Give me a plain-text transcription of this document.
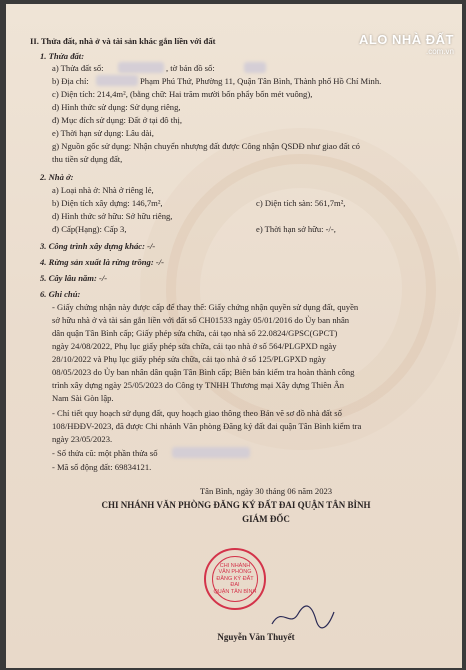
ALO NHÀ ĐẤT
.com.vn
II. Thửa đất, nhà ở và tài sản khác gắn liền với đất
1. Thửa đất:
a) Thửa đất số:	, tờ bản đồ số:
b) Địa chỉ:	Phạm Phú Thứ, Phường 11, Quận Tân Bình, Thành phố Hồ Chí Minh.
c) Diện tích: 214,4m², (bằng chữ: Hai trăm mười bốn phẩy bốn mét vuông),
d) Hình thức sử dụng: Sử dụng riêng,
đ) Mục đích sử dụng: Đất ở tại đô thị,
e) Thời hạn sử dụng: Lâu dài,
g) Nguồn gốc sử dụng: Nhận chuyển nhượng đất được Công nhận QSDĐ như giao đất có
thu tiền sử dụng đất,
2. Nhà ở:
a) Loại nhà ở: Nhà ở riêng lẻ,
b) Diện tích xây dựng: 146,7m²,	c) Diện tích sàn: 561,7m²,
d) Hình thức sở hữu: Sở hữu riêng,
đ) Cấp(Hạng): Cấp 3,	e) Thời hạn sở hữu: -/-,
3. Công trình xây dựng khác: -/-
4. Rừng sản xuất là rừng trồng: -/-
5. Cây lâu năm: -/-
6. Ghi chú:
- Giấy chứng nhận này được cấp để thay thế: Giấy chứng nhận quyền sử dụng đất, quyền
sở hữu nhà ở và tài sản gắn liền với đất số CH01533 ngày 05/01/2016 do Ủy ban nhân
dân quận Tân Bình cấp; Giấy phép sửa chữa, cải tạo nhà số 22.0824/GPSC(GPCT)
ngày 24/08/2022, Phụ lục giấy phép sửa chữa, cải tạo nhà ở số 564/PLGPXD ngày
28/10/2022 và Phụ lục giấy phép sửa chữa, cải tạo nhà ở số 125/PLGPXD ngày
08/05/2023 do Ủy ban nhân dân quận Tân Bình cấp; Biên bản kiểm tra hoàn thành công
trình xây dựng ngày 25/05/2023 do Công ty TNHH Thương mại Xây dựng Thiên Ân
Nam Sài Gòn lập.
- Chỉ tiết quy hoạch sử dụng đất, quy hoạch giao thông theo Bản vẽ sơ đồ nhà đất số
108/HĐĐV-2023, đã được Chi nhánh Văn phòng Đăng ký đất đai quận Tân Bình kiểm tra
ngày 23/05/2023.
- Số thửa cũ: một phần thửa số
- Mã số động đất: 69834121.
Tân Bình, ngày 30 tháng 06 năm 2023
CHI NHÁNH VĂN PHÒNG ĐĂNG KÝ ĐẤT ĐAI QUẬN TÂN BÌNH
GIÁM ĐỐC
CHI NHÁNH
VĂN PHÒNG
ĐĂNG KÝ ĐẤT ĐAI
QUẬN TÂN BÌNH
Nguyễn Văn Thuyết
